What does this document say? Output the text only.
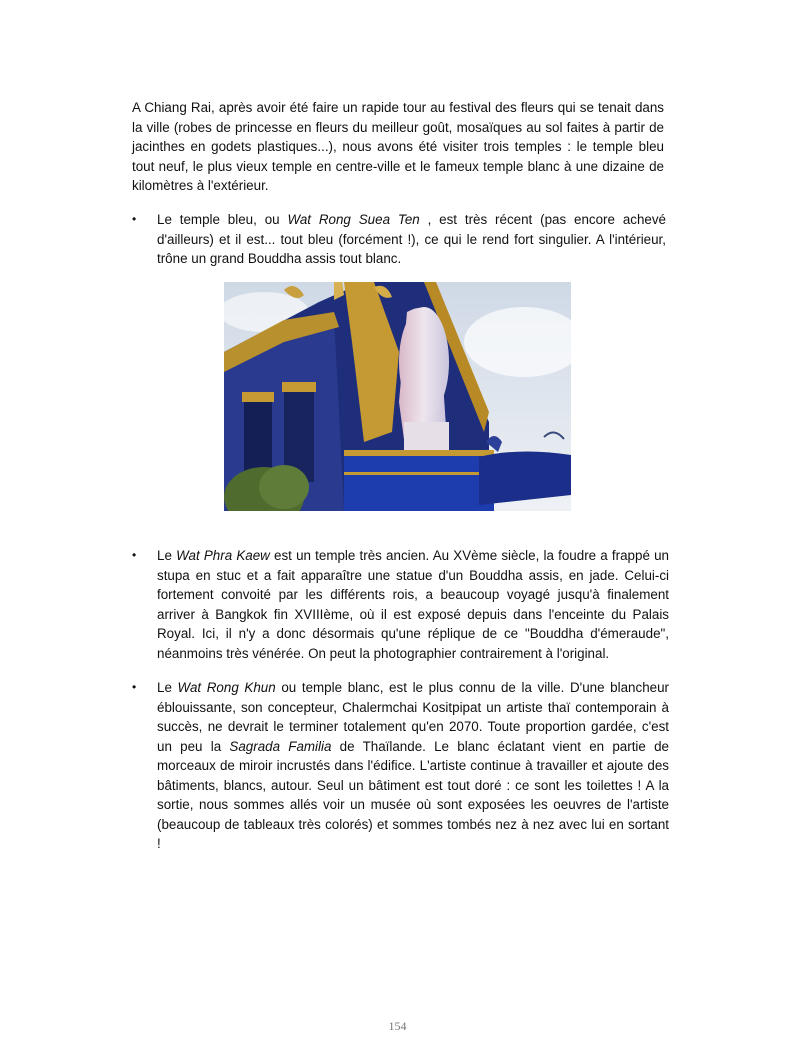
A Chiang Rai, après avoir été faire un rapide tour au festival des fleurs qui se tenait dans la ville (robes de princesse en fleurs du meilleur goût, mosaïques au sol faites à partir de jacinthes en godets plastiques...), nous avons été visiter trois temples : le temple bleu tout neuf, le plus vieux temple en centre-ville et le fameux temple blanc à une dizaine de kilomètres à l'extérieur.

•	Le temple bleu, ou Wat Rong Suea Ten , est très récent (pas encore achevé d'ailleurs) et il est... tout bleu (forcément !), ce qui le rend fort singulier. A l'intérieur, trône un grand Bouddha assis tout blanc.
•	Le Wat Phra Kaew est un temple très ancien. Au XVème siècle, la foudre a frappé un stupa en stuc et a fait apparaître une statue d'un Bouddha assis, en jade. Celui-ci fortement convoité par les différents rois, a beaucoup voyagé jusqu'à finalement arriver à Bangkok fin XVIIIème, où il est exposé depuis dans l'enceinte du Palais Royal. Ici, il n'y a donc désormais qu'une réplique de ce "Bouddha d'émeraude", néanmoins très vénérée. On peut la photographier contrairement à l'original.
•	Le Wat Rong Khun ou temple blanc, est le plus connu de la ville. D'une blancheur éblouissante, son concepteur, Chalermchai Kositpipat un artiste thaï contemporain à succès, ne devrait le terminer totalement qu'en 2070. Toute proportion gardée, c'est un peu la Sagrada Familia de Thaïlande. Le blanc éclatant vient en partie de morceaux de miroir incrustés dans l'édifice. L'artiste continue à travailler et ajoute des bâtiments, blancs, autour. Seul un bâtiment est tout doré : ce sont les toilettes ! A la sortie, nous sommes allés voir un musée où sont exposées les oeuvres de l'artiste (beaucoup de tableaux très colorés) et sommes tombés nez à nez avec lui en sortant !
154
